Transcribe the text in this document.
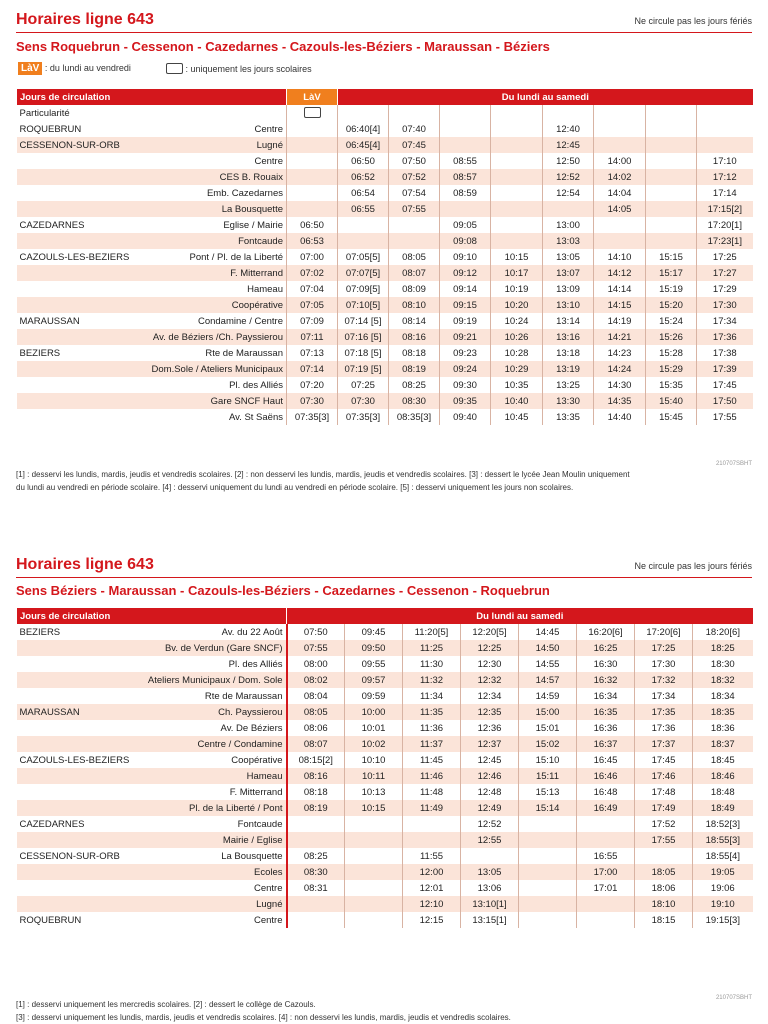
Horaires ligne 643	Ne circule pas les jours fériés
Sens Roquebrun - Cessenon - Cazedarnes - Cazouls-les-Béziers - Maraussan - Béziers
LàV : du lundi au vendredi	: uniquement les jours scolaires
Jours de circulation		LàV	Du lundi au samedi							
Particularité										
ROQUEBRUN	Centre		06:40[4]	07:40			12:40			
CESSENON-SUR-ORB	Lugné		06:45[4]	07:45			12:45			
	Centre		06:50	07:50	08:55		12:50	14:00		17:10
	CES B. Rouaix		06:52	07:52	08:57		12:52	14:02		17:12
	Emb. Cazedarnes		06:54	07:54	08:59		12:54	14:04		17:14
	La Bousquette		06:55	07:55				14:05		17:15[2]
CAZEDARNES	Eglise / Mairie	06:50			09:05		13:00			17:20[1]
	Fontcaude	06:53			09:08		13:03			17:23[1]
CAZOULS-LES-BEZIERS	Pont / Pl. de la Liberté	07:00	07:05[5]	08:05	09:10	10:15	13:05	14:10	15:15	17:25
	F. Mitterrand	07:02	07:07[5]	08:07	09:12	10:17	13:07	14:12	15:17	17:27
	Hameau	07:04	07:09[5]	08:09	09:14	10:19	13:09	14:14	15:19	17:29
	Coopérative	07:05	07:10[5]	08:10	09:15	10:20	13:10	14:15	15:20	17:30
MARAUSSAN	Condamine / Centre	07:09	07:14 [5]	08:14	09:19	10:24	13:14	14:19	15:24	17:34
	Av. de Béziers /Ch. Payssierou	07:11	07:16 [5]	08:16	09:21	10:26	13:16	14:21	15:26	17:36
BEZIERS	Rte de Maraussan	07:13	07:18 [5]	08:18	09:23	10:28	13:18	14:23	15:28	17:38
	Dom.Sole / Ateliers Municipaux	07:14	07:19 [5]	08:19	09:24	10:29	13:19	14:24	15:29	17:39
	Pl. des Alliés	07:20	07:25	08:25	09:30	10:35	13:25	14:30	15:35	17:45
	Gare SNCF Haut	07:30	07:30	08:30	09:35	10:40	13:30	14:35	15:40	17:50
	Av. St Saëns	07:35[3]	07:35[3]	08:35[3]	09:40	10:45	13:35	14:40	15:45	17:55
210707SBHT
[1] : desservi les lundis, mardis, jeudis et vendredis scolaires. [2] : non desservi les lundis, mardis, jeudis et vendredis scolaires. [3] : dessert le lycée Jean Moulin uniquement
du lundi au vendredi en période scolaire. [4] : desservi uniquement du lundi au vendredi en période scolaire. [5] : desservi uniquement les jours non scolaires.
Horaires ligne 643	Ne circule pas les jours fériés
Sens Béziers - Maraussan - Cazouls-les-Béziers - Cazedarnes - Cessenon - Roquebrun
Jours de circulation		Du lundi au samedi							
BEZIERS	Av. du 22 Août	07:50	09:45	11:20[5]	12:20[5]	14:45	16:20[6]	17:20[6]	18:20[6]
	Bv. de Verdun (Gare SNCF)	07:55	09:50	11:25	12:25	14:50	16:25	17:25	18:25
	Pl. des Alliés	08:00	09:55	11:30	12:30	14:55	16:30	17:30	18:30
	Ateliers Municipaux / Dom. Sole	08:02	09:57	11:32	12:32	14:57	16:32	17:32	18:32
	Rte de Maraussan	08:04	09:59	11:34	12:34	14:59	16:34	17:34	18:34
MARAUSSAN	Ch. Payssierou	08:05	10:00	11:35	12:35	15:00	16:35	17:35	18:35
	Av. De Béziers	08:06	10:01	11:36	12:36	15:01	16:36	17:36	18:36
	Centre / Condamine	08:07	10:02	11:37	12:37	15:02	16:37	17:37	18:37
CAZOULS-LES-BEZIERS	Coopérative	08:15[2]	10:10	11:45	12:45	15:10	16:45	17:45	18:45
	Hameau	08:16	10:11	11:46	12:46	15:11	16:46	17:46	18:46
	F. Mitterrand	08:18	10:13	11:48	12:48	15:13	16:48	17:48	18:48
	Pl. de la Liberté / Pont	08:19	10:15	11:49	12:49	15:14	16:49	17:49	18:49
CAZEDARNES	Fontcaude				12:52			17:52	18:52[3]
	Mairie / Eglise				12:55			17:55	18:55[3]
CESSENON-SUR-ORB	La Bousquette	08:25		11:55			16:55		18:55[4]
	Ecoles	08:30		12:00	13:05		17:00	18:05	19:05
	Centre	08:31		12:01	13:06		17:01	18:06	19:06
	Lugné			12:10	13:10[1]			18:10	19:10
ROQUEBRUN	Centre			12:15	13:15[1]			18:15	19:15[3]
210707SBHT
[1] : desservi uniquement les mercredis scolaires. [2] : dessert le collège de Cazouls.
[3] : desservi uniquement les lundis, mardis, jeudis et vendredis scolaires. [4] : non desservi les lundis, mardis, jeudis et vendredis scolaires.
